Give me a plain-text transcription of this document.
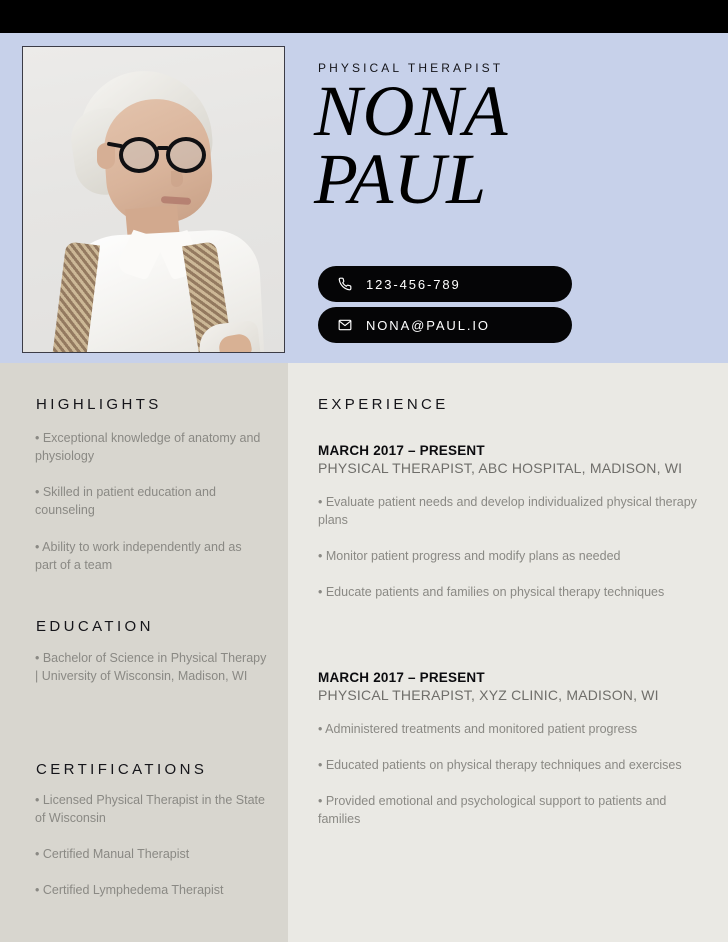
PHYSICAL THERAPIST
NONA
PAUL
123-456-789
NONA@PAUL.IO
HIGHLIGHTS

• Exceptional knowledge of anatomy and physiology

• Skilled in patient education and counseling

• Ability to work independently and as part of a team

EDUCATION

• Bachelor of Science in Physical Therapy | University of Wisconsin, Madison, WI

CERTIFICATIONS

• Licensed Physical Therapist in the State of Wisconsin

• Certified Manual Therapist

• Certified Lymphedema Therapist

EXPERIENCE
MARCH 2017 – PRESENT
PHYSICAL THERAPIST, ABC HOSPITAL, MADISON, WI

• Evaluate patient needs and develop individualized physical therapy plans

• Monitor patient progress and modify plans as needed

• Educate patients and families on physical therapy techniques

MARCH 2017 – PRESENT
PHYSICAL THERAPIST, XYZ CLINIC, MADISON, WI

• Administered treatments and monitored patient progress

• Educated patients on physical therapy techniques and exercises

• Provided emotional and psychological support to patients and families
